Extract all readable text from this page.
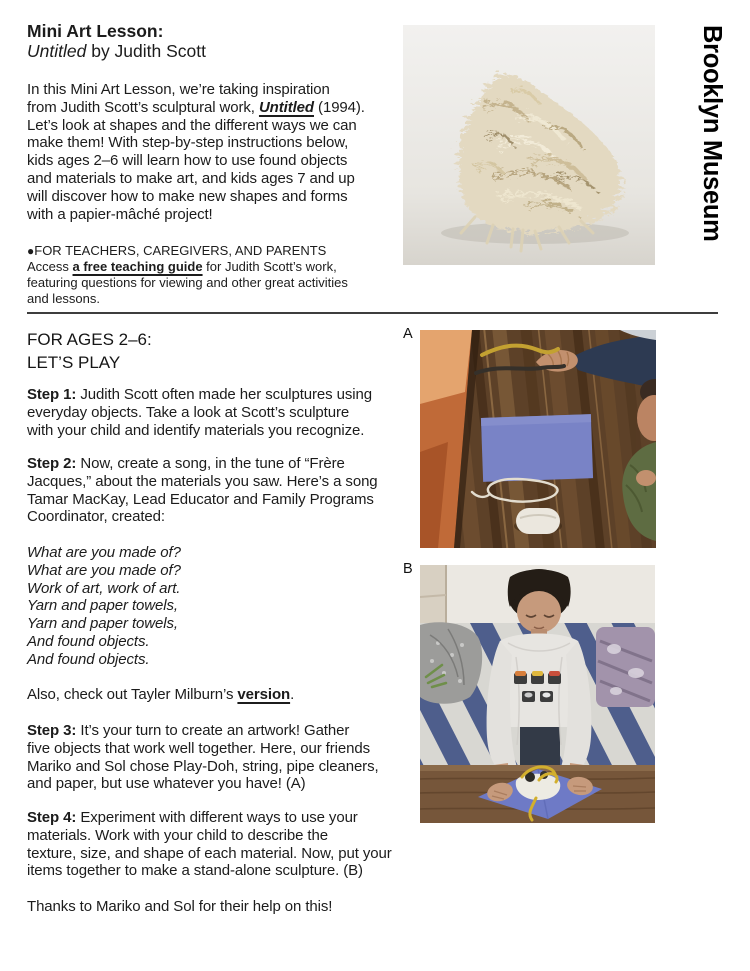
Mini Art Lesson:
Untitled by Judith Scott
In this Mini Art Lesson, we’re taking inspiration
from Judith Scott’s sculptural work, Untitled (1994).
Let’s look at shapes and the different ways we can
make them! With step-by-step instructions below,
kids ages 2–6 will learn how to use found objects
and materials to make art, and kids ages 7 and up
will discover how to make new shapes and forms
with a papier-mâché project!
●FOR TEACHERS, CAREGIVERS, AND PARENTS
Access a free teaching guide for Judith Scott’s work,
featuring questions for viewing and other great activities
and lessons.
FOR AGES 2–6:
LET’S PLAY
Step 1: Judith Scott often made her sculptures using
everyday objects. Take a look at Scott’s sculpture
with your child and identify materials you recognize.
Step 2: Now, create a song, in the tune of “Frère
Jacques,” about the materials you saw. Here’s a song
Tamar MacKay, Lead Educator and Family Programs
Coordinator, created:
What are you made of?
What are you made of?
Work of art, work of art.
Yarn and paper towels,
Yarn and paper towels,
And found objects.
And found objects.
Also, check out Tayler Milburn’s version.
Step 3: It’s your turn to create an artwork! Gather
five objects that work well together. Here, our friends
Mariko and Sol chose Play-Doh, string, pipe cleaners,
and paper, but use whatever you have! (A)
Step 4: Experiment with different ways to use your
materials. Work with your child to describe the
texture, size, and shape of each material. Now, put your
items together to make a stand-alone sculpture. (B)
Thanks to Mariko and Sol for their help on this!
A
B
Brooklyn Museum
